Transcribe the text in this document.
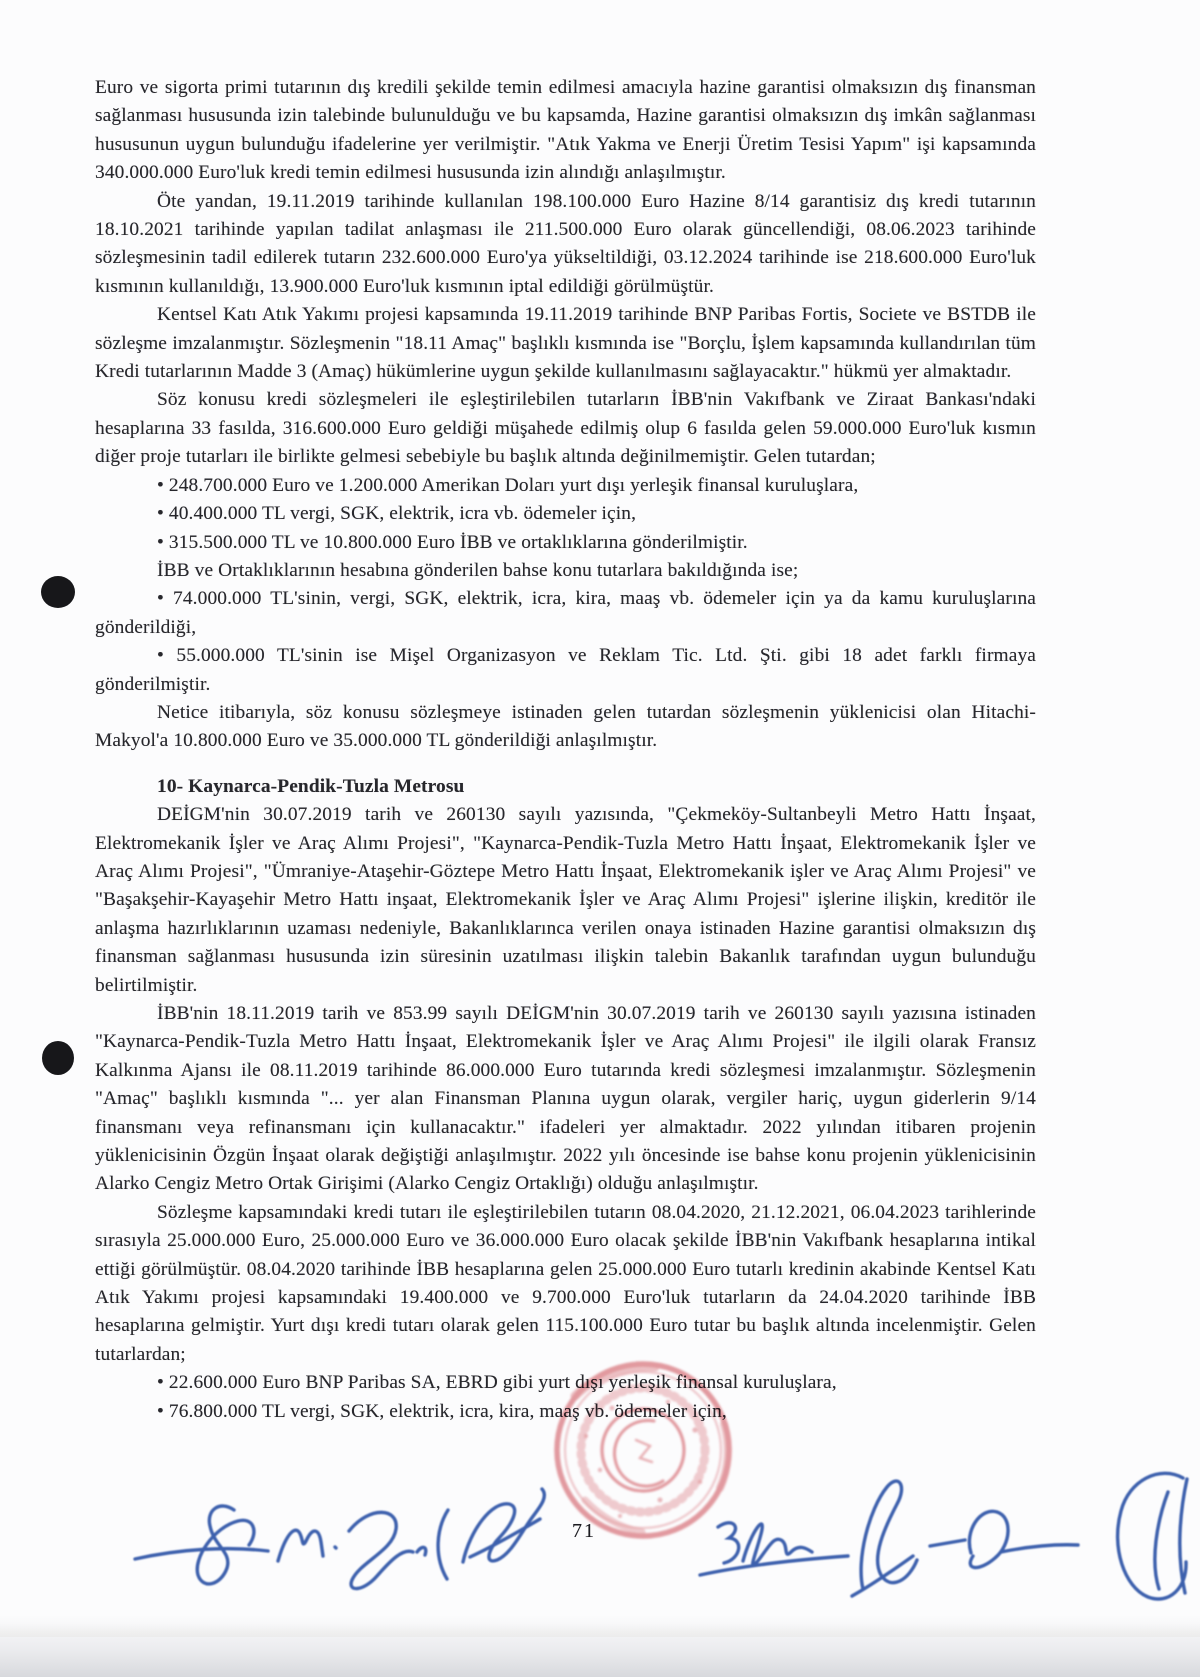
Euro ve sigorta primi tutarının dış kredili şekilde temin edilmesi amacıyla hazine garantisi olmaksızın dış finansman sağlanması hususunda izin talebinde bulunulduğu ve bu kapsamda, Hazine garantisi olmaksızın dış imkân sağlanması hususunun uygun bulunduğu ifadelerine yer verilmiştir. "Atık Yakma ve Enerji Üretim Tesisi Yapım" işi kapsamında 340.000.000 Euro'luk kredi temin edilmesi hususunda izin alındığı anlaşılmıştır.

Öte yandan, 19.11.2019 tarihinde kullanılan 198.100.000 Euro Hazine 8/14 garantisiz dış kredi tutarının 18.10.2021 tarihinde yapılan tadilat anlaşması ile 211.500.000 Euro olarak güncellendiği, 08.06.2023 tarihinde sözleşmesinin tadil edilerek tutarın 232.600.000 Euro'ya yükseltildiği, 03.12.2024 tarihinde ise 218.600.000 Euro'luk kısmının kullanıldığı, 13.900.000 Euro'luk kısmının iptal edildiği görülmüştür.

Kentsel Katı Atık Yakımı projesi kapsamında 19.11.2019 tarihinde BNP Paribas Fortis, Societe ve BSTDB ile sözleşme imzalanmıştır. Sözleşmenin "18.11 Amaç" başlıklı kısmında ise "Borçlu, İşlem kapsamında kullandırılan tüm Kredi tutarlarının Madde 3 (Amaç) hükümlerine uygun şekilde kullanılmasını sağlayacaktır." hükmü yer almaktadır.

Söz konusu kredi sözleşmeleri ile eşleştirilebilen tutarların İBB'nin Vakıfbank ve Ziraat Bankası'ndaki hesaplarına 33 fasılda, 316.600.000 Euro geldiği müşahede edilmiş olup 6 fasılda gelen 59.000.000 Euro'luk kısmın diğer proje tutarları ile birlikte gelmesi sebebiyle bu başlık altında değinilmemiştir. Gelen tutardan;

• 248.700.000 Euro ve 1.200.000 Amerikan Doları yurt dışı yerleşik finansal kuruluşlara,

• 40.400.000 TL vergi, SGK, elektrik, icra vb. ödemeler için,

• 315.500.000 TL ve 10.800.000 Euro İBB ve ortaklıklarına gönderilmiştir.

İBB ve Ortaklıklarının hesabına gönderilen bahse konu tutarlara bakıldığında ise;

• 74.000.000 TL'sinin, vergi, SGK, elektrik, icra, kira, maaş vb. ödemeler için ya da kamu kuruluşlarına gönderildiği,

• 55.000.000 TL'sinin ise Mişel Organizasyon ve Reklam Tic. Ltd. Şti. gibi 18 adet farklı firmaya gönderilmiştir.

Netice itibarıyla, söz konusu sözleşmeye istinaden gelen tutardan sözleşmenin yüklenicisi olan Hitachi-Makyol'a 10.800.000 Euro ve 35.000.000 TL gönderildiği anlaşılmıştır.

10- Kaynarca-Pendik-Tuzla Metrosu

DEİGM'nin 30.07.2019 tarih ve 260130 sayılı yazısında, "Çekmeköy-Sultanbeyli Metro Hattı İnşaat, Elektromekanik İşler ve Araç Alımı Projesi", "Kaynarca-Pendik-Tuzla Metro Hattı İnşaat, Elektromekanik İşler ve Araç Alımı Projesi", "Ümraniye-Ataşehir-Göztepe Metro Hattı İnşaat, Elektromekanik işler ve Araç Alımı Projesi" ve "Başakşehir-Kayaşehir Metro Hattı inşaat, Elektromekanik İşler ve Araç Alımı Projesi" işlerine ilişkin, kreditör ile anlaşma hazırlıklarının uzaması nedeniyle, Bakanlıklarınca verilen onaya istinaden Hazine garantisi olmaksızın dış finansman sağlanması hususunda izin süresinin uzatılması ilişkin talebin Bakanlık tarafından uygun bulunduğu belirtilmiştir.

İBB'nin 18.11.2019 tarih ve 853.99 sayılı DEİGM'nin 30.07.2019 tarih ve 260130 sayılı yazısına istinaden "Kaynarca-Pendik-Tuzla Metro Hattı İnşaat, Elektromekanik İşler ve Araç Alımı Projesi" ile ilgili olarak Fransız Kalkınma Ajansı ile 08.11.2019 tarihinde 86.000.000 Euro tutarında kredi sözleşmesi imzalanmıştır. Sözleşmenin "Amaç" başlıklı kısmında "... yer alan Finansman Planına uygun olarak, vergiler hariç, uygun giderlerin 9/14 finansmanı veya refinansmanı için kullanacaktır." ifadeleri yer almaktadır. 2022 yılından itibaren projenin yüklenicisinin Özgün İnşaat olarak değiştiği anlaşılmıştır. 2022 yılı öncesinde ise bahse konu projenin yüklenicisinin Alarko Cengiz Metro Ortak Girişimi (Alarko Cengiz Ortaklığı) olduğu anlaşılmıştır.

Sözleşme kapsamındaki kredi tutarı ile eşleştirilebilen tutarın 08.04.2020, 21.12.2021, 06.04.2023 tarihlerinde sırasıyla 25.000.000 Euro, 25.000.000 Euro ve 36.000.000 Euro olacak şekilde İBB'nin Vakıfbank hesaplarına intikal ettiği görülmüştür. 08.04.2020 tarihinde İBB hesaplarına gelen 25.000.000 Euro tutarlı kredinin akabinde Kentsel Katı Atık Yakımı projesi kapsamındaki 19.400.000 ve 9.700.000 Euro'luk tutarların da 24.04.2020 tarihinde İBB hesaplarına gelmiştir. Yurt dışı kredi tutarı olarak gelen 115.100.000 Euro tutar bu başlık altında incelenmiştir. Gelen tutarlardan;

• 22.600.000 Euro BNP Paribas SA, EBRD gibi yurt dışı yerleşik finansal kuruluşlara,

• 76.800.000 TL vergi, SGK, elektrik, icra, kira, maaş vb. ödemeler için,

71
